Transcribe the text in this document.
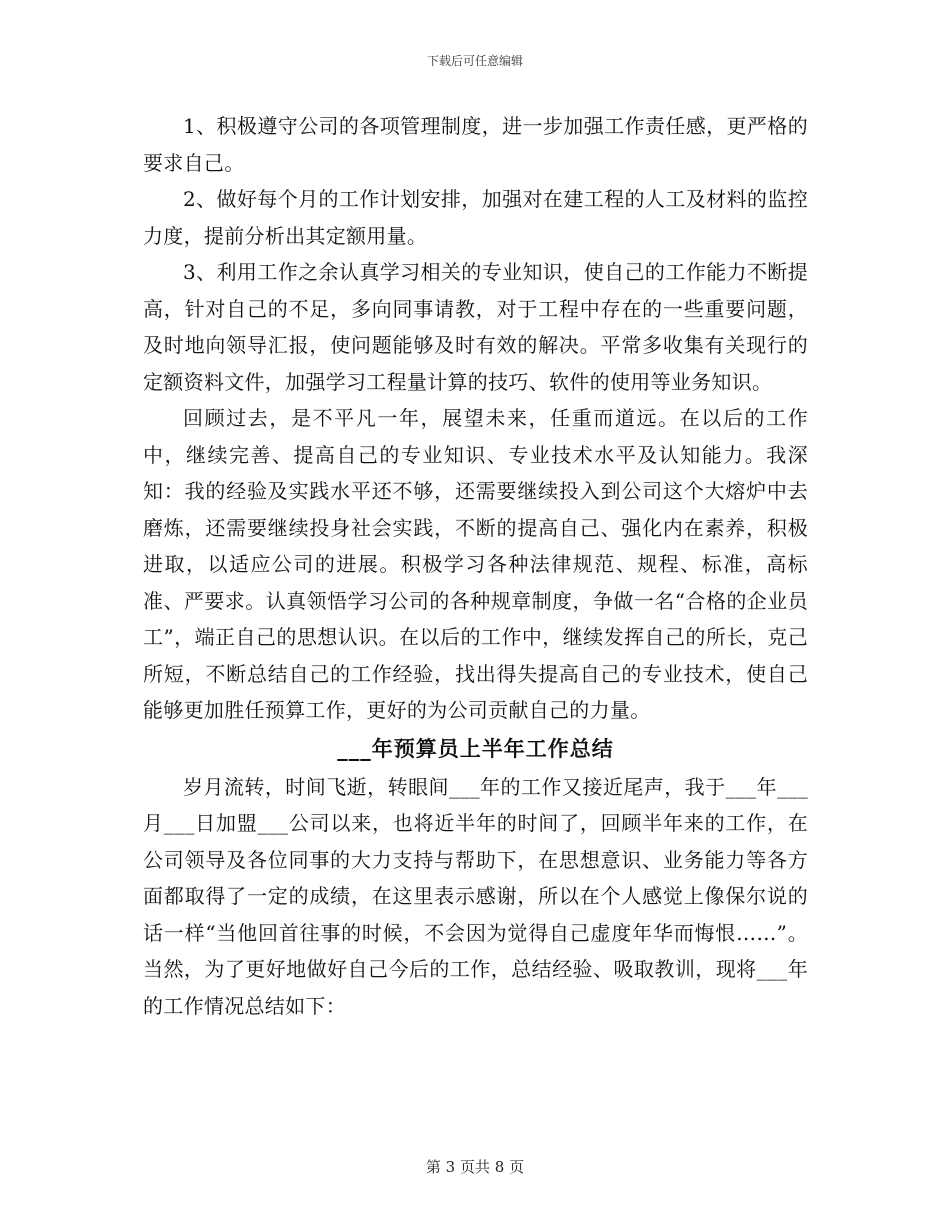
下载后可任意编辑

1、积极遵守公司的各项管理制度，进一步加强工作责任感，更严格的要求自己。

2、做好每个月的工作计划安排，加强对在建工程的人工及材料的监控力度，提前分析出其定额用量。

3、利用工作之余认真学习相关的专业知识，使自己的工作能力不断提高，针对自己的不足，多向同事请教，对于工程中存在的一些重要问题，及时地向领导汇报，使问题能够及时有效的解决。平常多收集有关现行的定额资料文件，加强学习工程量计算的技巧、软件的使用等业务知识。

回顾过去，是不平凡一年，展望未来，任重而道远。在以后的工作中，继续完善、提高自己的专业知识、专业技术水平及认知能力。我深知：我的经验及实践水平还不够，还需要继续投入到公司这个大熔炉中去磨炼，还需要继续投身社会实践，不断的提高自己、强化内在素养，积极进取，以适应公司的进展。积极学习各种法律规范、规程、标准，高标准、严要求。认真领悟学习公司的各种规章制度，争做一名“合格的企业员工”，端正自己的思想认识。在以后的工作中，继续发挥自己的所长，克己所短，不断总结自己的工作经验，找出得失提高自己的专业技术，使自己能够更加胜任预算工作，更好的为公司贡献自己的力量。

___年预算员上半年工作总结

岁月流转，时间飞逝，转眼间___年的工作又接近尾声，我于___年___月___日加盟___公司以来，也将近半年的时间了，回顾半年来的工作，在公司领导及各位同事的大力支持与帮助下，在思想意识、业务能力等各方面都取得了一定的成绩，在这里表示感谢，所以在个人感觉上像保尔说的话一样“当他回首往事的时候，不会因为觉得自己虚度年华而悔恨……”。当然，为了更好地做好自己今后的工作，总结经验、吸取教训，现将___年的工作情况总结如下：

第 3 页共 8 页
